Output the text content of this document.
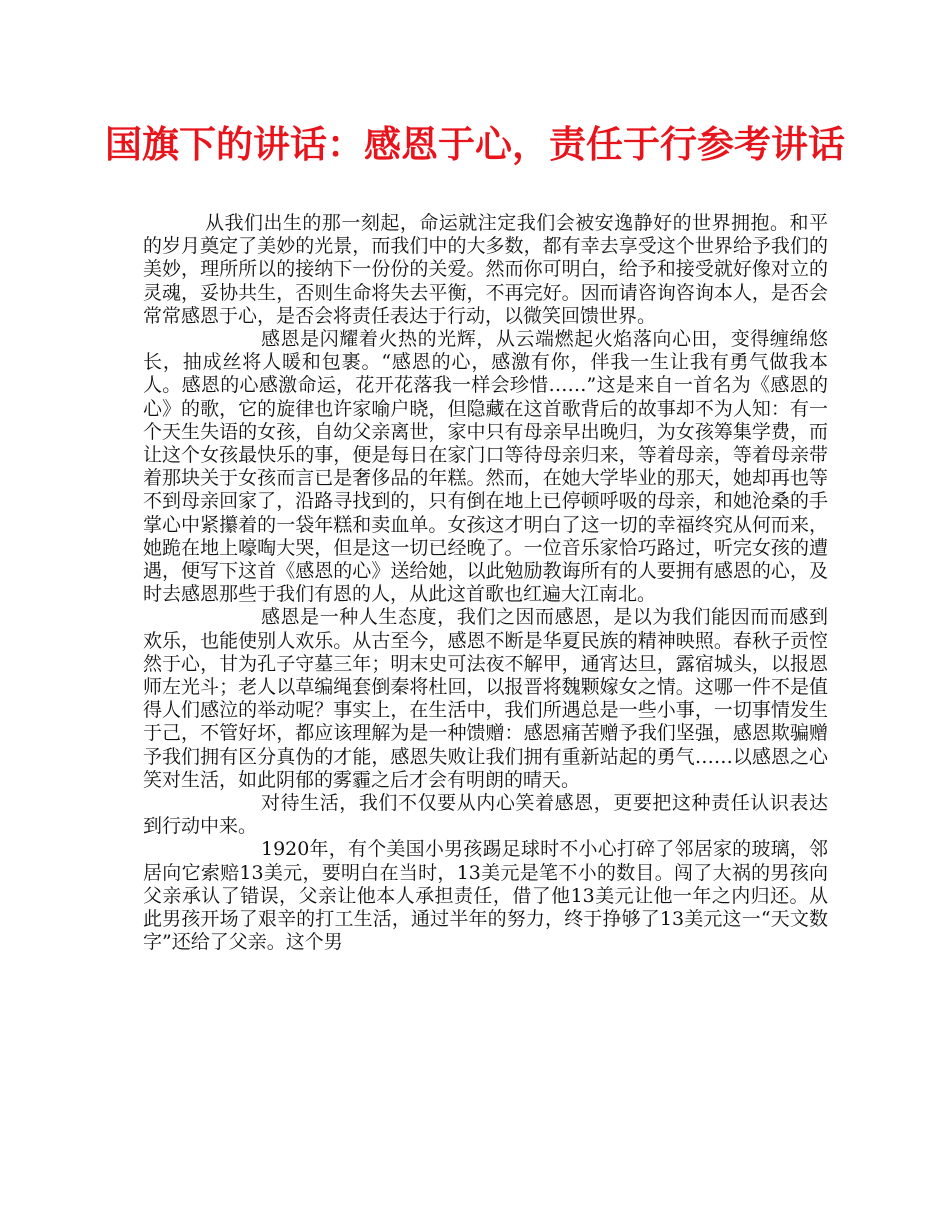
国旗下的讲话：感恩于心，责任于行参考讲话

从我们出生的那一刻起，命运就注定我们会被安逸静好的世界拥抱。和平的岁月奠定了美妙的光景，而我们中的大多数，都有幸去享受这个世界给予我们的美妙，理所所以的接纳下一份份的关爱。然而你可明白，给予和接受就好像对立的灵魂，妥协共生，否则生命将失去平衡，不再完好。因而请咨询咨询本人，是否会常常感恩于心，是否会将责任表达于行动，以微笑回馈世界。

感恩是闪耀着火热的光辉，从云端燃起火焰落向心田，变得缠绵悠长，抽成丝将人暖和包裹。“感恩的心，感激有你，伴我一生让我有勇气做我本人。感恩的心感激命运，花开花落我一样会珍惜……”这是来自一首名为《感恩的心》的歌，它的旋律也许家喻户晓，但隐藏在这首歌背后的故事却不为人知：有一个天生失语的女孩，自幼父亲离世，家中只有母亲早出晚归，为女孩筹集学费，而让这个女孩最快乐的事，便是每日在家门口等待母亲归来，等着母亲，等着母亲带着那块关于女孩而言已是奢侈品的年糕。然而，在她大学毕业的那天，她却再也等不到母亲回家了，沿路寻找到的，只有倒在地上已停顿呼吸的母亲，和她沧桑的手掌心中紧攥着的一袋年糕和卖血单。女孩这才明白了这一切的幸福终究从何而来，她跪在地上嚎啕大哭，但是这一切已经晚了。一位音乐家恰巧路过，听完女孩的遭遇，便写下这首《感恩的心》送给她，以此勉励教诲所有的人要拥有感恩的心，及时去感恩那些于我们有恩的人，从此这首歌也红遍大江南北。

感恩是一种人生态度，我们之因而感恩，是以为我们能因而而感到欢乐，也能使别人欢乐。从古至今，感恩不断是华夏民族的精神映照。春秋子贡悾然于心，甘为孔子守墓三年；明末史可法夜不解甲，通宵达旦，露宿城头，以报恩师左光斗；老人以草编绳套倒秦将杜回，以报晋将魏颗嫁女之情。这哪一件不是值得人们感泣的举动呢？事实上，在生活中，我们所遇总是一些小事，一切事情发生于己，不管好坏，都应该理解为是一种馈赠：感恩痛苦赠予我们坚强，感恩欺骗赠予我们拥有区分真伪的才能，感恩失败让我们拥有重新站起的勇气……以感恩之心笑对生活，如此阴郁的雾霾之后才会有明朗的晴天。

对待生活，我们不仅要从内心笑着感恩，更要把这种责任认识表达到行动中来。

1920年，有个美国小男孩踢足球时不小心打碎了邻居家的玻璃，邻居向它索赔13美元，要明白在当时，13美元是笔不小的数目。闯了大祸的男孩向父亲承认了错误，父亲让他本人承担责任，借了他13美元让他一年之内归还。从此男孩开场了艰辛的打工生活，通过半年的努力，终于挣够了13美元这一“天文数字”还给了父亲。这个男
